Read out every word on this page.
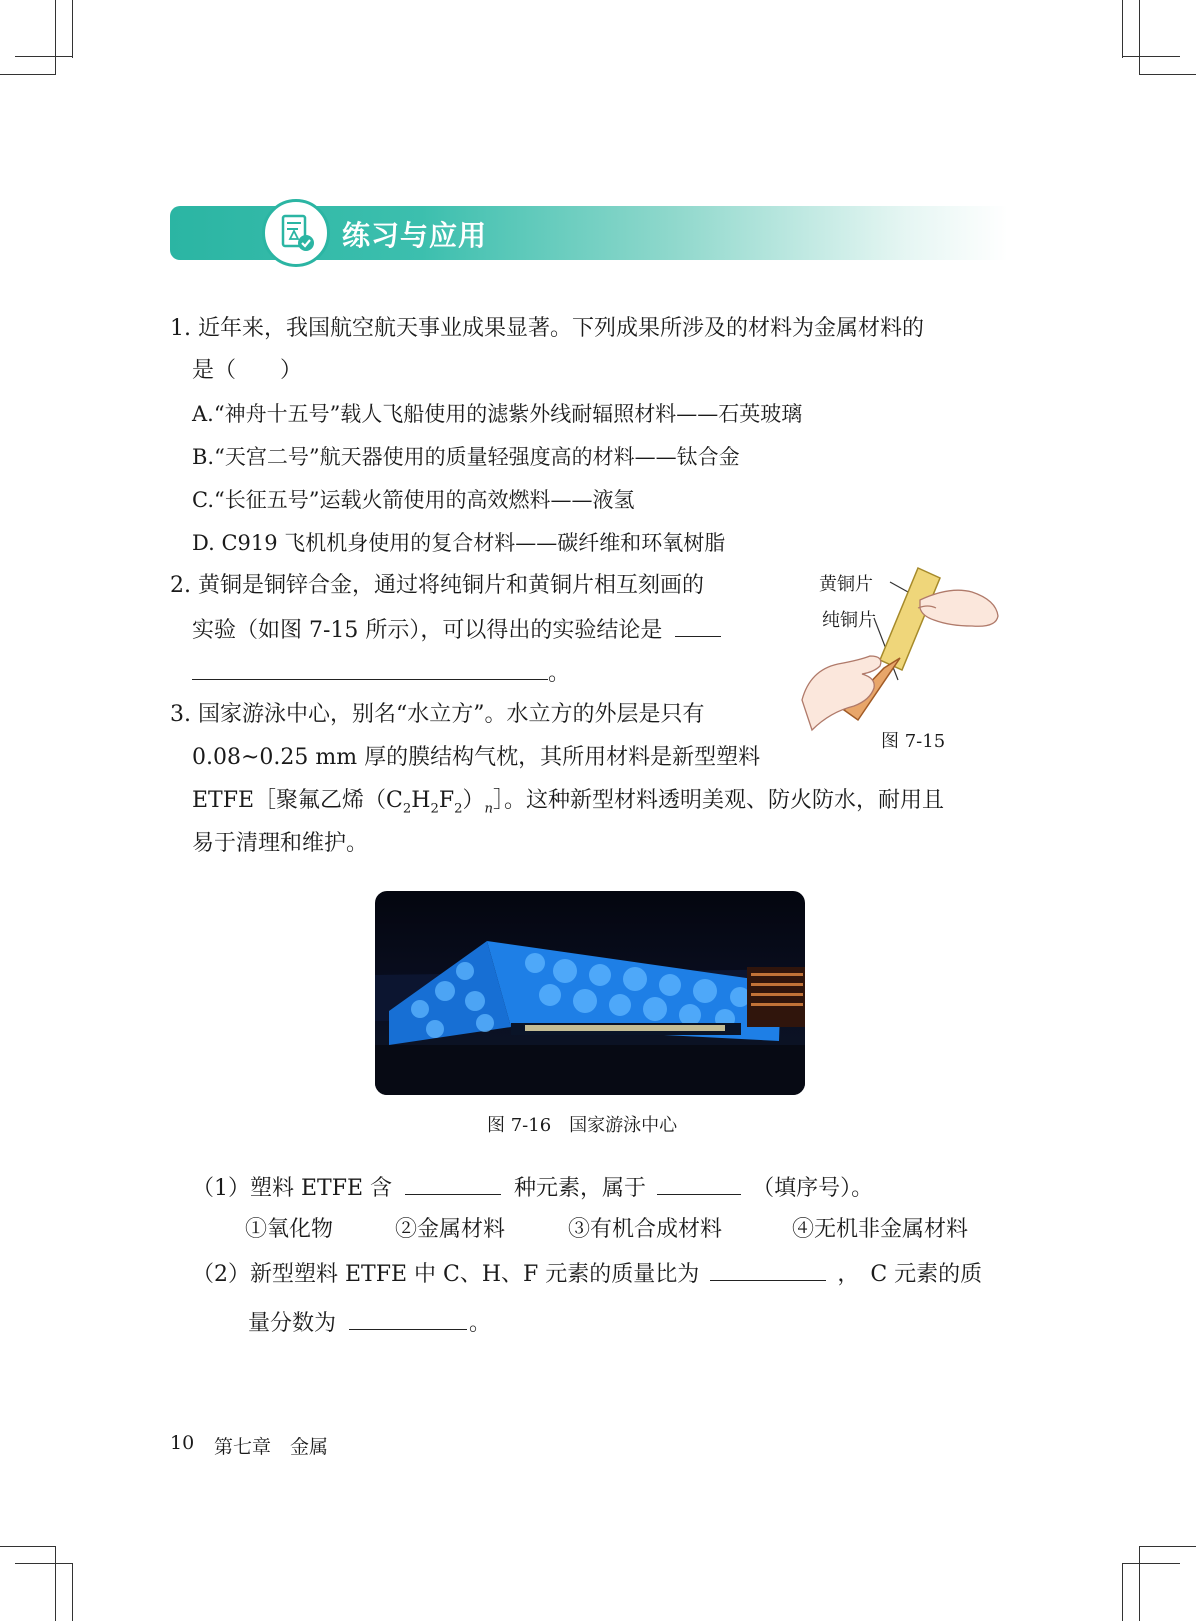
练习与应用
1. 近年来，我国航空航天事业成果显著。下列成果所涉及的材料为金属材料的
是（　　）
A.“神舟十五号”载人飞船使用的滤紫外线耐辐照材料——石英玻璃
B.“天宫二号”航天器使用的质量轻强度高的材料——钛合金
C.“长征五号”运载火箭使用的高效燃料——液氢
D. C919 飞机机身使用的复合材料——碳纤维和环氧树脂
2. 黄铜是铜锌合金，通过将纯铜片和黄铜片相互刻画的
实验（如图 7-15 所示），可以得出的实验结论是
。
黄铜片
纯铜片
图 7-15
3. 国家游泳中心，别名“水立方”。水立方的外层是只有
0.08~0.25 mm 厚的膜结构气枕，其所用材料是新型塑料
ETFE［聚氟乙烯$(C_2H_2F_2)_n]$。这种新型材料透明美观、防火防水，耐用且
易于清理和维护。
图 7-16　国家游泳中心
（1）塑料 ETFE 含	种元素，属于	（填序号）。
①氧化物	②金属材料	③有机合成材料	④无机非金属材料
（2）新型塑料 ETFE 中 C、H、F 元素的质量比为	，　C 元素的质
量分数为	。
10 第七章　金属
